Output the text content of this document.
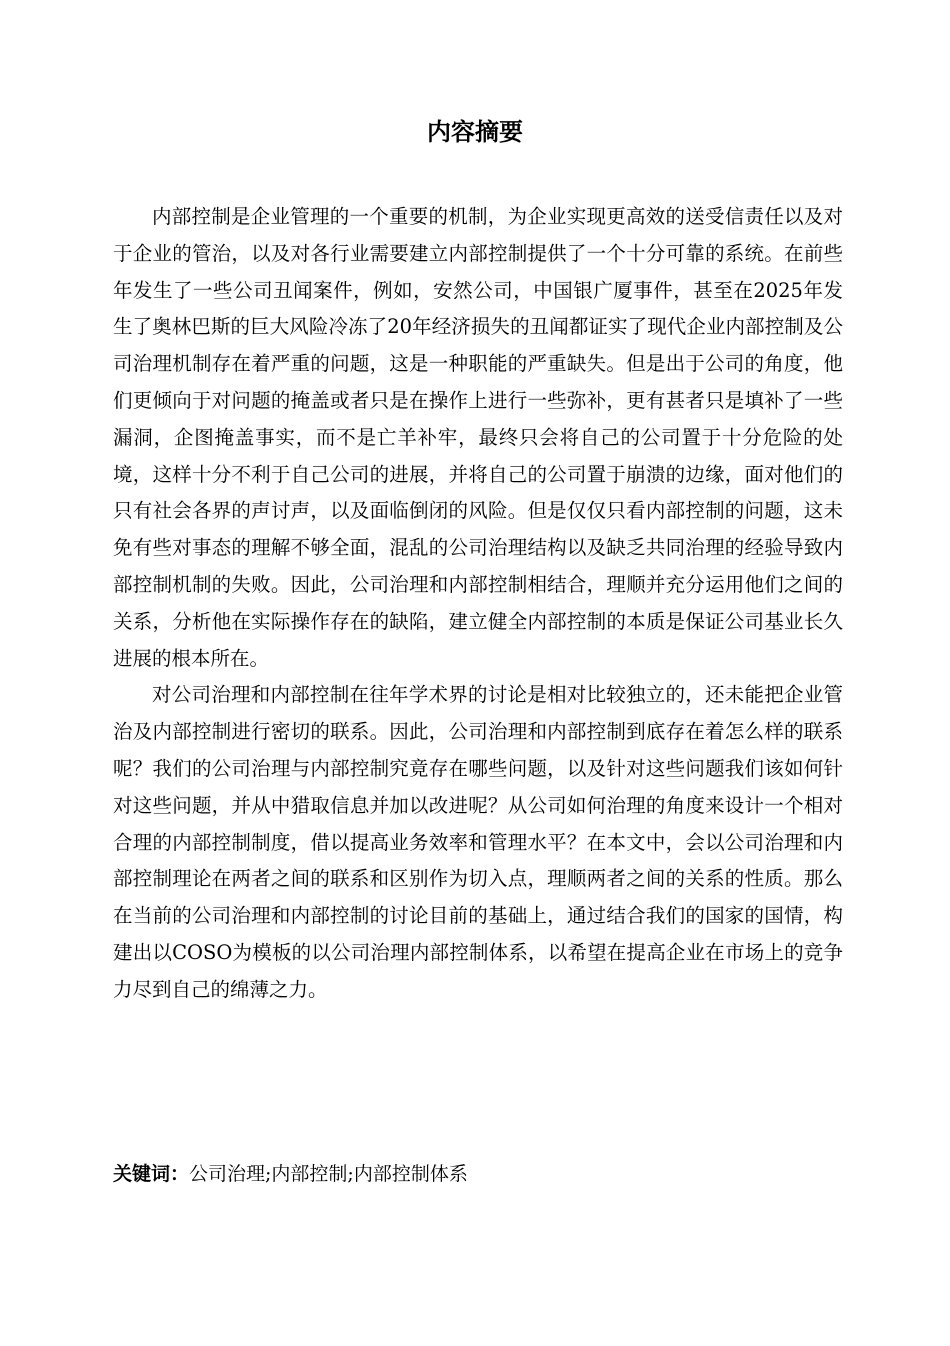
内容摘要

内部控制是企业管理的一个重要的机制，为企业实现更高效的送受信责任以及对于企业的管治，以及对各行业需要建立内部控制提供了一个十分可靠的系统。在前些年发生了一些公司丑闻案件，例如，安然公司，中国银广厦事件，甚至在2025年发生了奥林巴斯的巨大风险冷冻了20年经济损失的丑闻都证实了现代企业内部控制及公司治理机制存在着严重的问题，这是一种职能的严重缺失。但是出于公司的角度，他们更倾向于对问题的掩盖或者只是在操作上进行一些弥补，更有甚者只是填补了一些漏洞，企图掩盖事实，而不是亡羊补牢，最终只会将自己的公司置于十分危险的处境，这样十分不利于自己公司的进展，并将自己的公司置于崩溃的边缘，面对他们的只有社会各界的声讨声，以及面临倒闭的风险。但是仅仅只看内部控制的问题，这未免有些对事态的理解不够全面，混乱的公司治理结构以及缺乏共同治理的经验导致内部控制机制的失败。因此，公司治理和内部控制相结合，理顺并充分运用他们之间的关系，分析他在实际操作存在的缺陷，建立健全内部控制的本质是保证公司基业长久进展的根本所在。

对公司治理和内部控制在往年学术界的讨论是相对比较独立的，还未能把企业管治及内部控制进行密切的联系。因此，公司治理和内部控制到底存在着怎么样的联系呢？我们的公司治理与内部控制究竟存在哪些问题，以及针对这些问题我们该如何针对这些问题，并从中猎取信息并加以改进呢？从公司如何治理的角度来设计一个相对合理的内部控制制度，借以提高业务效率和管理水平？在本文中，会以公司治理和内部控制理论在两者之间的联系和区别作为切入点，理顺两者之间的关系的性质。那么在当前的公司治理和内部控制的讨论目前的基础上，通过结合我们的国家的国情，构建出以COSO为模板的以公司治理内部控制体系，以希望在提高企业在市场上的竞争力尽到自己的绵薄之力。

关键词：公司治理;内部控制;内部控制体系
